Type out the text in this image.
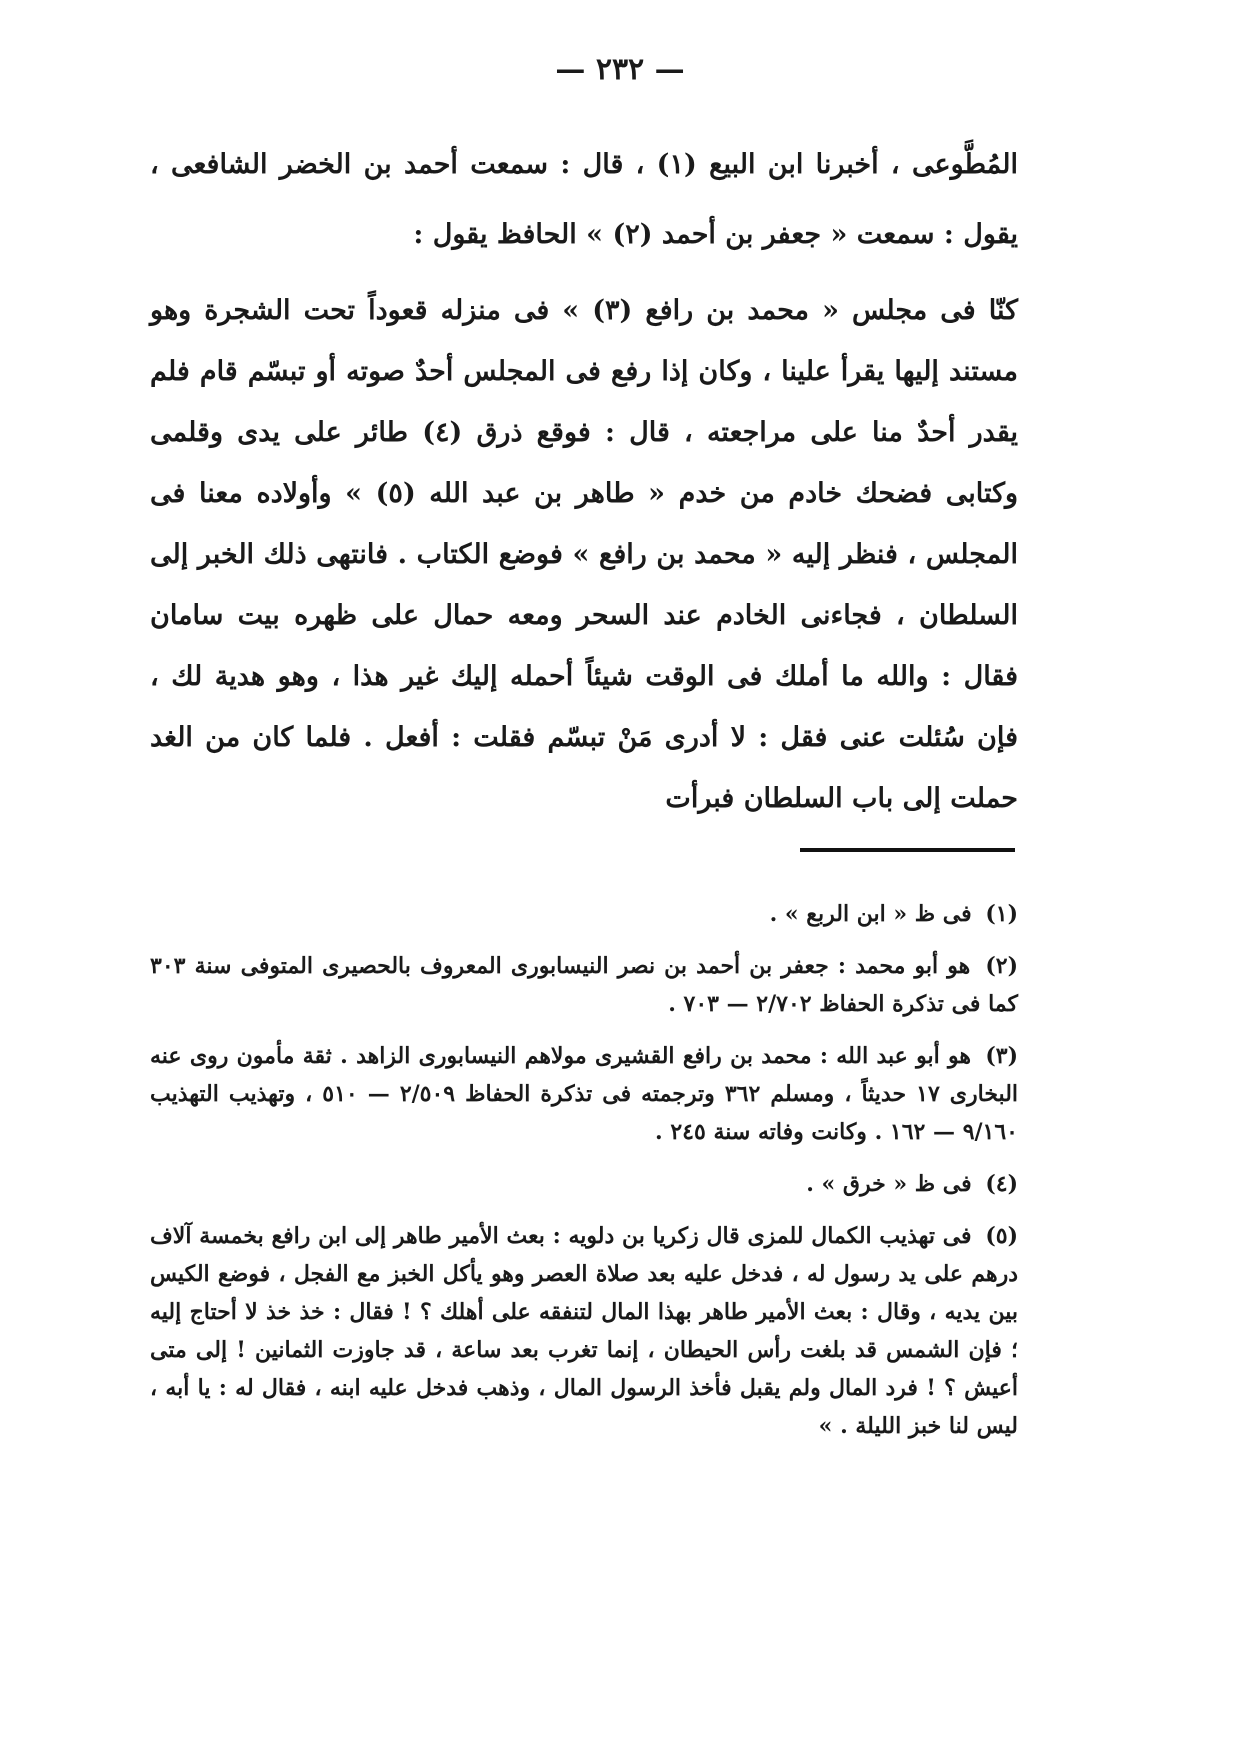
— ٢٣٢ —

المُطَّوعى ، أخبرنا ابن البيع (١) ، قال : سمعت أحمد بن الخضر الشافعى ، يقول : سمعت « جعفر بن أحمد (٢) » الحافظ يقول :

كنّا فى مجلس « محمد بن رافع (٣) » فى منزله قعوداً تحت الشجرة وهو مستند إليها يقرأ علينا ، وكان إذا رفع فى المجلس أحدٌ صوته أو تبسّم قام فلم يقدر أحدٌ منا على مراجعته ، قال : فوقع ذرق (٤) طائر على يدى وقلمى وكتابى فضحك خادم من خدم « طاهر بن عبد الله (٥) » وأولاده معنا فى المجلس ، فنظر إليه « محمد بن رافع » فوضع الكتاب . فانتهى ذلك الخبر إلى السلطان ، فجاءنى الخادم عند السحر ومعه حمال على ظهره بيت سامان فقال : والله ما أملك فى الوقت شيئاً أحمله إليك غير هذا ، وهو هدية لك ، فإن سُئلت عنى فقل : لا أدرى مَنْ تبسّم فقلت : أفعل . فلما كان من الغد حملت إلى باب السلطان فبرأت

(١) فى ظ « ابن الربع » .

(٢) هو أبو محمد : جعفر بن أحمد بن نصر النيسابورى المعروف بالحصيرى المتوفى سنة ٣٠٣ كما فى تذكرة الحفاظ ٢/٧٠٢ — ٧٠٣ .

(٣) هو أبو عبد الله : محمد بن رافع القشيرى مولاهم النيسابورى الزاهد . ثقة مأمون روى عنه البخارى ١٧ حديثاً ، ومسلم ٣٦٢ وترجمته فى تذكرة الحفاظ ٢/٥٠٩ — ٥١٠ ، وتهذيب التهذيب ٩/١٦٠ — ١٦٢ . وكانت وفاته سنة ٢٤٥ .

(٤) فى ظ « خرق » .

(٥) فى تهذيب الكمال للمزى قال زكريا بن دلويه : بعث الأمير طاهر إلى ابن رافع بخمسة آلاف درهم على يد رسول له ، فدخل عليه بعد صلاة العصر وهو يأكل الخبز مع الفجل ، فوضع الكيس بين يديه ، وقال : بعث الأمير طاهر بهذا المال لتنفقه على أهلك ؟ ! فقال : خذ خذ لا أحتاج إليه ؛ فإن الشمس قد بلغت رأس الحيطان ، إنما تغرب بعد ساعة ، قد جاوزت الثمانين ! إلى متى أعيش ؟ ! فرد المال ولم يقبل فأخذ الرسول المال ، وذهب فدخل عليه ابنه ، فقال له : يا أبه ، ليس لنا خبز الليلة . »
